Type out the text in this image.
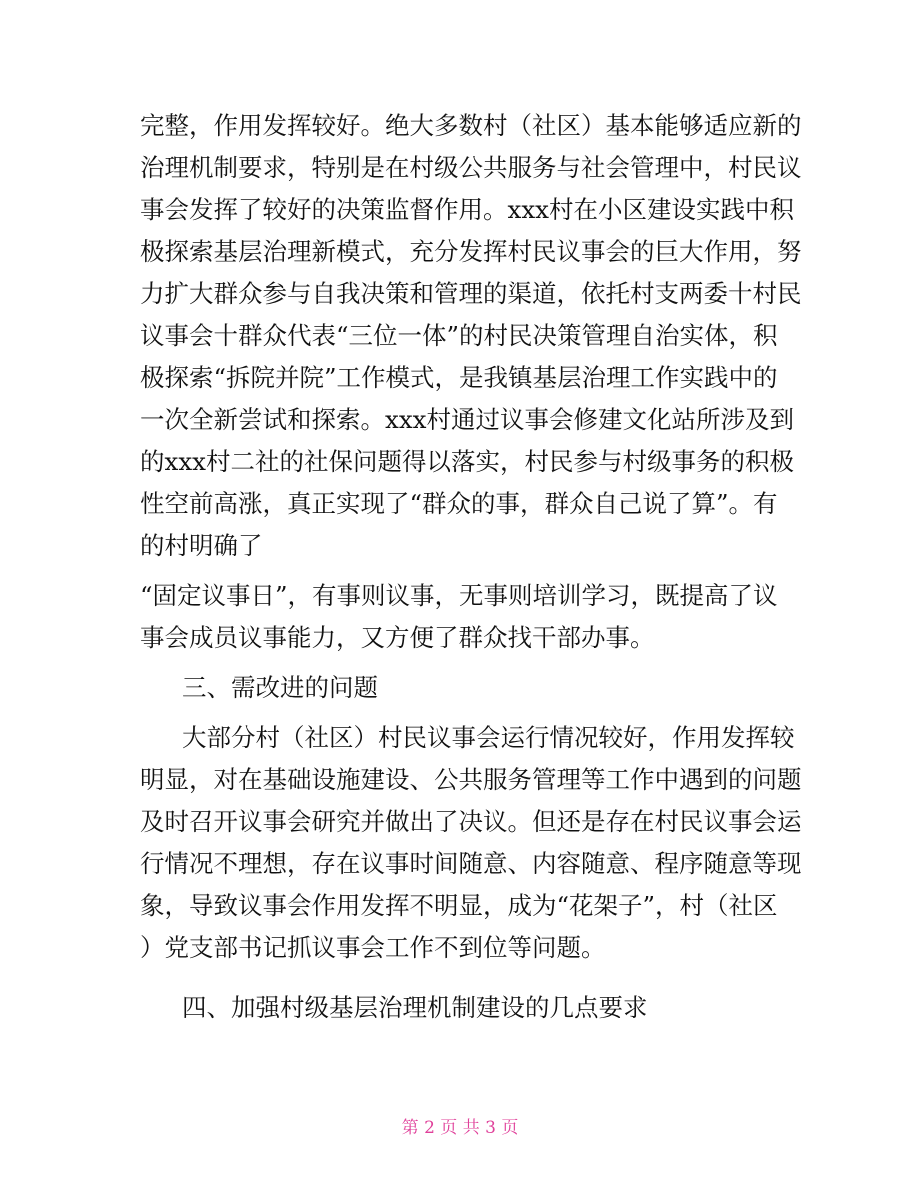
完整，作用发挥较好。绝大多数村（社区）基本能够适应新的
治理机制要求，特别是在村级公共服务与社会管理中，村民议
事会发挥了较好的决策监督作用。xxx村在小区建设实践中积
极探索基层治理新模式，充分发挥村民议事会的巨大作用，努
力扩大群众参与自我决策和管理的渠道，依托村支两委十村民
议事会十群众代表“三位一体”的村民决策管理自治实体，积
极探索“拆院并院”工作模式，是我镇基层治理工作实践中的
一次全新尝试和探索。xxx村通过议事会修建文化站所涉及到
的xxx村二社的社保问题得以落实，村民参与村级事务的积极
性空前高涨，真正实现了“群众的事，群众自己说了算”。有
的村明确了
“固定议事日”，有事则议事，无事则培训学习，既提高了议
事会成员议事能力，又方便了群众找干部办事。
三、需改进的问题
大部分村（社区）村民议事会运行情况较好，作用发挥较
明显，对在基础设施建设、公共服务管理等工作中遇到的问题
及时召开议事会研究并做出了决议。但还是存在村民议事会运
行情况不理想，存在议事时间随意、内容随意、程序随意等现
象，导致议事会作用发挥不明显，成为“花架子”，村（社区
）党支部书记抓议事会工作不到位等问题。
四、加强村级基层治理机制建设的几点要求
第 2 页 共 3 页
